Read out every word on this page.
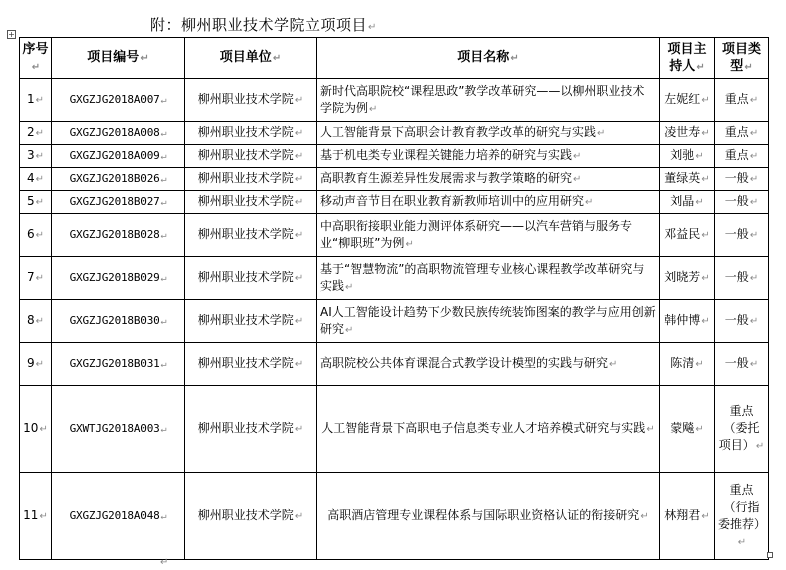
附：柳州职业技术学院立项项目↵
+
序号↵	项目编号↵	项目单位↵	项目名称↵	项目主持人↵	项目类型↵
1↵	GXGZJG2018A007↵	柳州职业技术学院↵	新时代高职院校“课程思政”教学改革研究——以柳州职业技术学院为例↵	左妮红↵	重点↵
2↵	GXGZJG2018A008↵	柳州职业技术学院↵	人工智能背景下高职会计教育教学改革的研究与实践↵	凌世寿↵	重点↵
3↵	GXGZJG2018A009↵	柳州职业技术学院↵	基于机电类专业课程关键能力培养的研究与实践↵	刘驰↵	重点↵
4↵	GXGZJG2018B026↵	柳州职业技术学院↵	高职教育生源差异性发展需求与教学策略的研究↵	董绿英↵	一般↵
5↵	GXGZJG2018B027↵	柳州职业技术学院↵	移动声音节目在职业教育新教师培训中的应用研究↵	刘晶↵	一般↵
6↵	GXGZJG2018B028↵	柳州职业技术学院↵	中高职衔接职业能力测评体系研究——以汽车营销与服务专业“柳职班”为例↵	邓益民↵	一般↵
7↵	GXGZJG2018B029↵	柳州职业技术学院↵	基于“智慧物流”的高职物流管理专业核心课程教学改革研究与实践↵	刘晓芳↵	一般↵
8↵	GXGZJG2018B030↵	柳州职业技术学院↵	AI人工智能设计趋势下少数民族传统装饰图案的教学与应用创新研究↵	韩仲博↵	一般↵
9↵	GXGZJG2018B031↵	柳州职业技术学院↵	高职院校公共体育课混合式教学设计模型的实践与研究↵	陈清↵	一般↵
10↵	GXWTJG2018A003↵	柳州职业技术学院↵	人工智能背景下高职电子信息类专业人才培养模式研究与实践↵	蒙飚↵	重点（委托项目）↵
11↵	GXGZJG2018A048↵	柳州职业技术学院↵	高职酒店管理专业课程体系与国际职业资格认证的衔接研究↵	林翔君↵	重点（行指委推荐）↵
↵
